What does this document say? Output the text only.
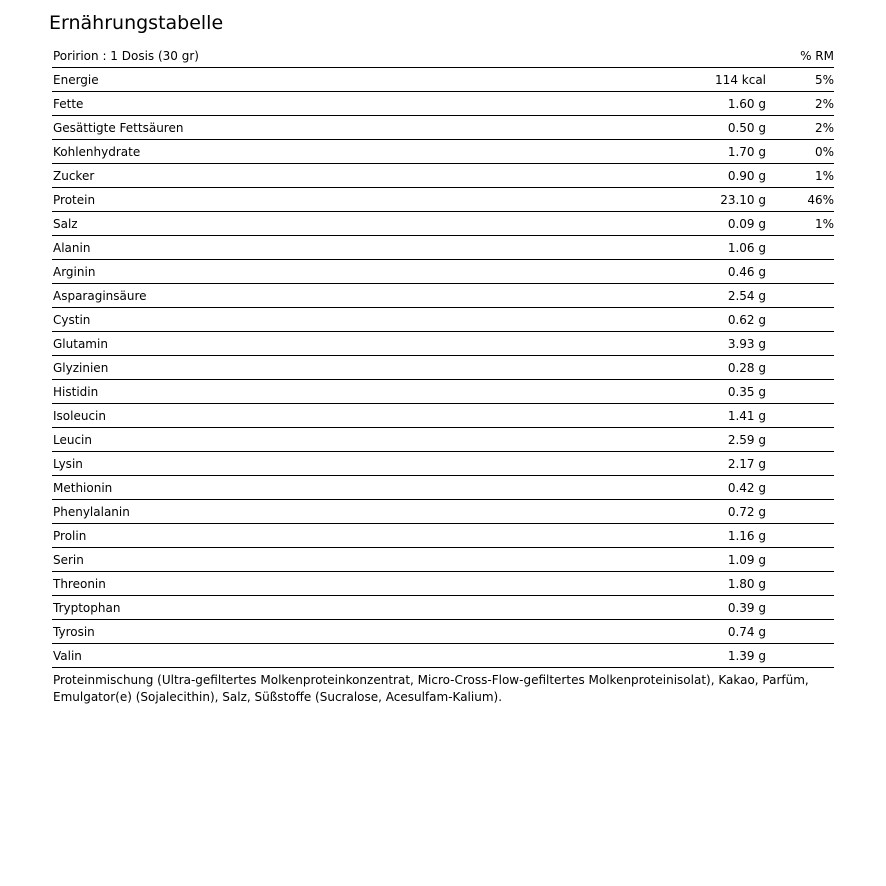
Ernährungstabelle
Poririon : 1 Dosis (30 gr)	% RM
Energie	114 kcal	5%
Fette	1.60 g	2%
Gesättigte Fettsäuren	0.50 g	2%
Kohlenhydrate	1.70 g	0%
Zucker	0.90 g	1%
Protein	23.10 g	46%
Salz	0.09 g	1%
Alanin	1.06 g
Arginin	0.46 g
Asparaginsäure	2.54 g
Cystin	0.62 g
Glutamin	3.93 g
Glyzinien	0.28 g
Histidin	0.35 g
Isoleucin	1.41 g
Leucin	2.59 g
Lysin	2.17 g
Methionin	0.42 g
Phenylalanin	0.72 g
Prolin	1.16 g
Serin	1.09 g
Threonin	1.80 g
Tryptophan	0.39 g
Tyrosin	0.74 g
Valin	1.39 g
Proteinmischung (Ultra-gefiltertes Molkenproteinkonzentrat, Micro-Cross-Flow-gefiltertes Molkenproteinisolat), Kakao, Parfüm, Emulgator(e) (Sojalecithin), Salz, Süßstoffe (Sucralose, Acesulfam-Kalium).
